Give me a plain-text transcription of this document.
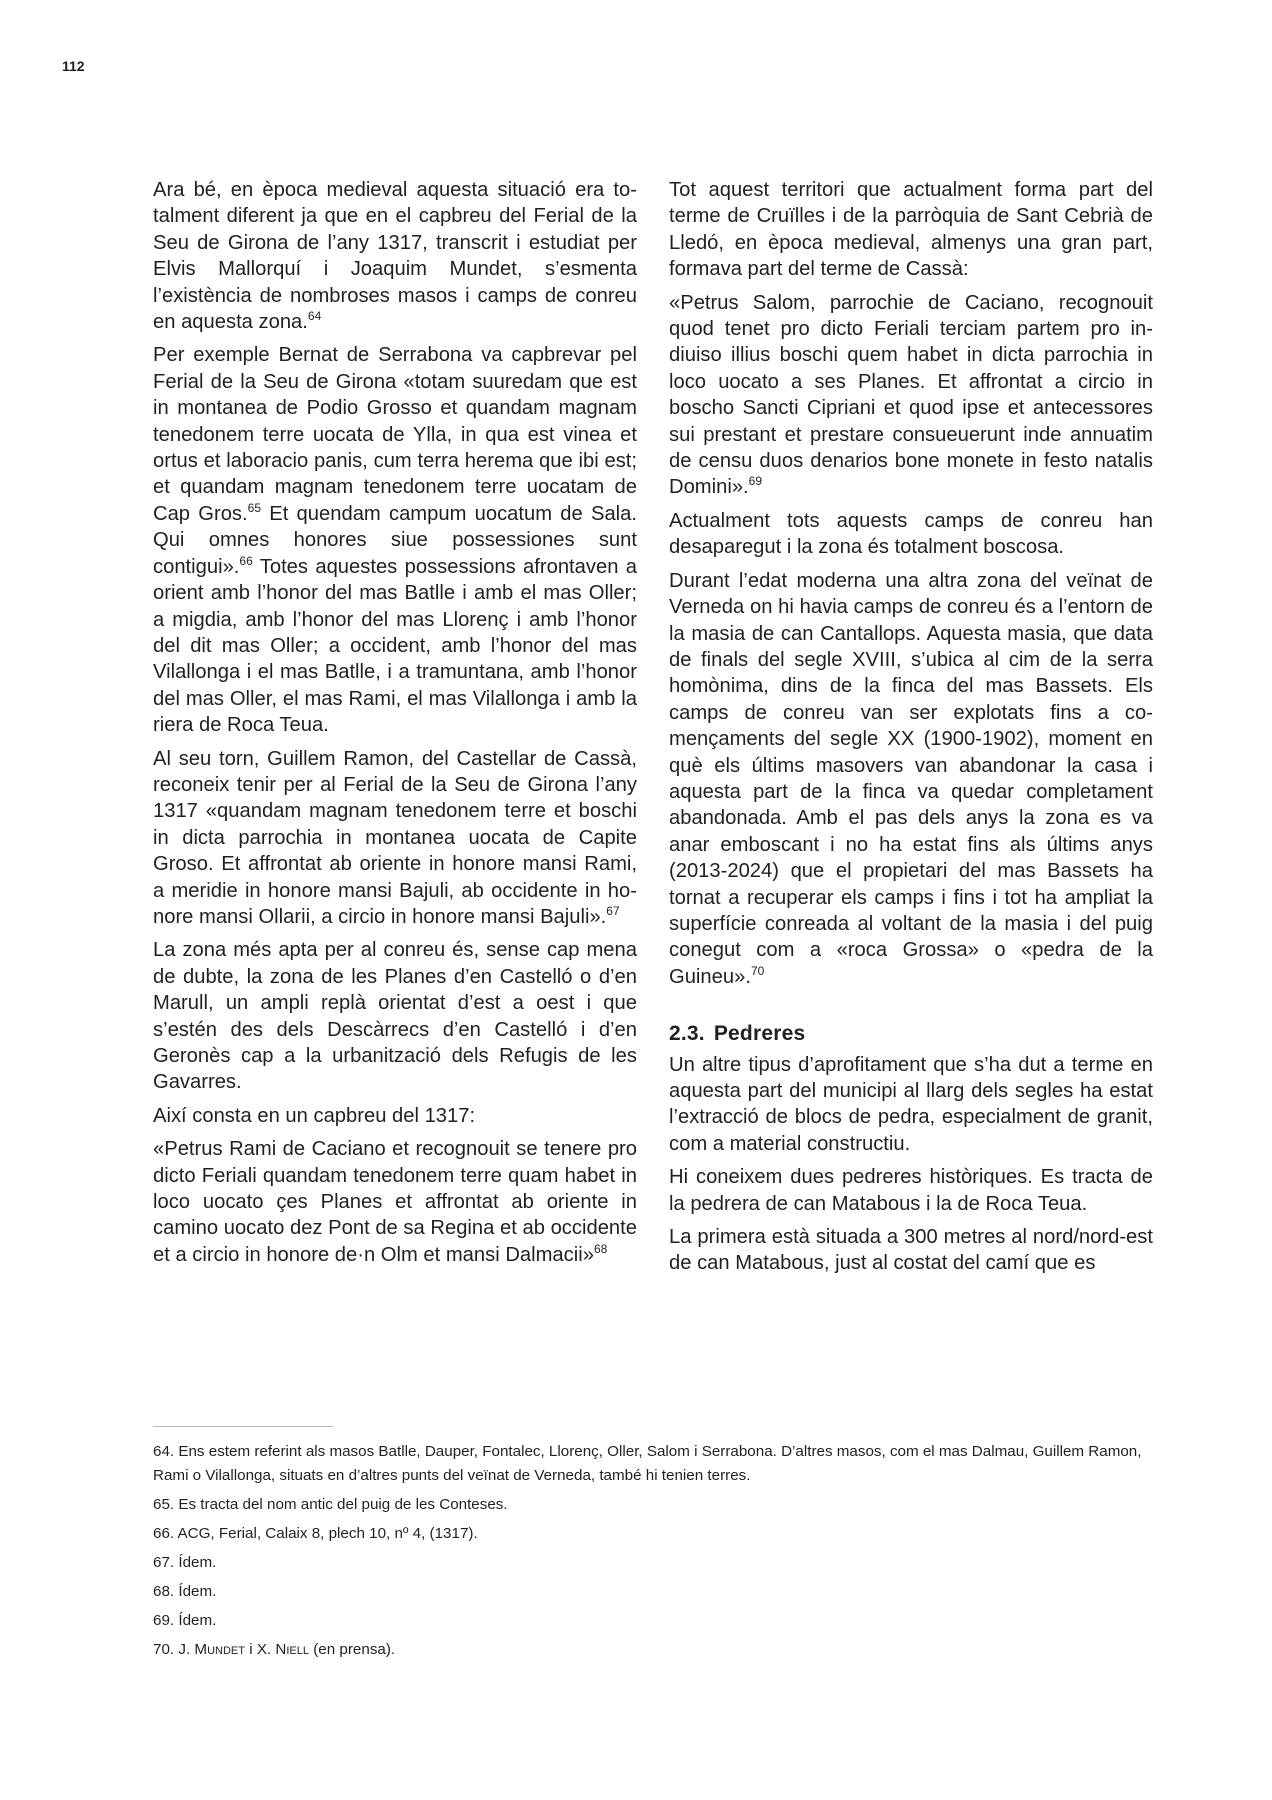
112

Ara bé, en època medieval aquesta situació era totalment diferent ja que en el capbreu del Ferial de la Seu de Girona de l’any 1317, transcrit i estudiat per Elvis Mallorquí i Joaquim Mundet, s’esmenta l’existència de nombroses masos i camps de conreu en aquesta zona.$^{64}$

Per exemple Bernat de Serrabona va capbrevar pel Ferial de la Seu de Girona «totam suuredam que est in montanea de Podio Grosso et quandam magnam tenedonem terre uocata de Ylla, in qua est vinea et ortus et laboracio panis, cum terra herema que ibi est; et quandam magnam tenedonem terre uocatam de Cap Gros.$^{65}$ Et quendam campum uocatum de Sala. Qui omnes honores siue possessiones sunt contigui».$^{66}$ Totes aquestes possessions afrontaven a orient amb l’honor del mas Batlle i amb el mas Oller; a migdia, amb l’honor del mas Llorenç i amb l’honor del dit mas Oller; a occident, amb l’honor del mas Vilallonga i el mas Batlle, i a tramuntana, amb l’honor del mas Oller, el mas Rami, el mas Vilallonga i amb la riera de Roca Teua.

Al seu torn, Guillem Ramon, del Castellar de Cassà, reconeix tenir per al Ferial de la Seu de Girona l’any 1317 «quandam magnam tenedonem terre et boschi in dicta parrochia in montanea uocata de Capite Groso. Et affrontat ab oriente in honore mansi Rami, a meridie in honore mansi Bajuli, ab occidente in honore mansi Ollarii, a circio in honore mansi Bajuli».$^{67}$

La zona més apta per al conreu és, sense cap mena de dubte, la zona de les Planes d’en Castelló o d’en Marull, un ampli replà orientat d’est a oest i que s’estén des dels Descàrrecs d’en Castelló i d’en Geronès cap a la urbanització dels Refugis de les Gavarres.

Així consta en un capbreu del 1317:

«Petrus Rami de Caciano et recognouit se tenere pro dicto Feriali quandam tenedonem terre quam habet in loco uocato çes Planes et affrontat ab oriente in camino uocato dez Pont de sa Regina et ab occidente et a circio in honore de·n Olm et mansi Dalmacii»$^{68}$

Tot aquest territori que actualment forma part del terme de Cruïlles i de la parròquia de Sant Cebrià de Lledó, en època medieval, almenys una gran part, formava part del terme de Cassà:

«Petrus Salom, parrochie de Caciano, recognouit quod tenet pro dicto Feriali terciam partem pro indiuiso illius boschi quem habet in dicta parrochia in loco uocato a ses Planes. Et affrontat a circio in boscho Sancti Cipriani et quod ipse et antecessores sui prestant et prestare consueuerunt inde annuatim de censu duos denarios bone monete in festo natalis Domini».$^{69}$

Actualment tots aquests camps de conreu han desaparegut i la zona és totalment boscosa.

Durant l’edat moderna una altra zona del veïnat de Verneda on hi havia camps de conreu és a l’entorn de la masia de can Cantallops. Aquesta masia, que data de finals del segle XVIII, s’ubica al cim de la serra homònima, dins de la finca del mas Bassets. Els camps de conreu van ser explotats fins a començaments del segle XX (1900-1902), moment en què els últims masovers van abandonar la casa i aquesta part de la finca va quedar completament abandonada. Amb el pas dels anys la zona es va anar emboscant i no ha estat fins als últims anys (2013-2024) que el propietari del mas Bassets ha tornat a recuperar els camps i fins i tot ha ampliat la superfície conreada al voltant de la masia i del puig conegut com a «roca Grossa» o «pedra de la Guineu».$^{70}$

2.3. Pedreres

Un altre tipus d’aprofitament que s’ha dut a terme en aquesta part del municipi al llarg dels segles ha estat l’extracció de blocs de pedra, especialment de granit, com a material constructiu.

Hi coneixem dues pedreres històriques. Es tracta de la pedrera de can Matabous i la de Roca Teua.

La primera està situada a 300 metres al nord/nord-est de can Matabous, just al costat del camí que es

64. Ens estem referint als masos Batlle, Dauper, Fontalec, Llorenç, Oller, Salom i Serrabona. D’altres masos, com el mas Dalmau, Guillem Ramon, Rami o Vilallonga, situats en d’altres punts del veïnat de Verneda, també hi tenien terres.
65. Es tracta del nom antic del puig de les Conteses.
66. ACG, Ferial, Calaix 8, plech 10, nº 4, (1317).
67. Ídem.
68. Ídem.
69. Ídem.
70. J. Mundet i X. Niell (en prensa).
